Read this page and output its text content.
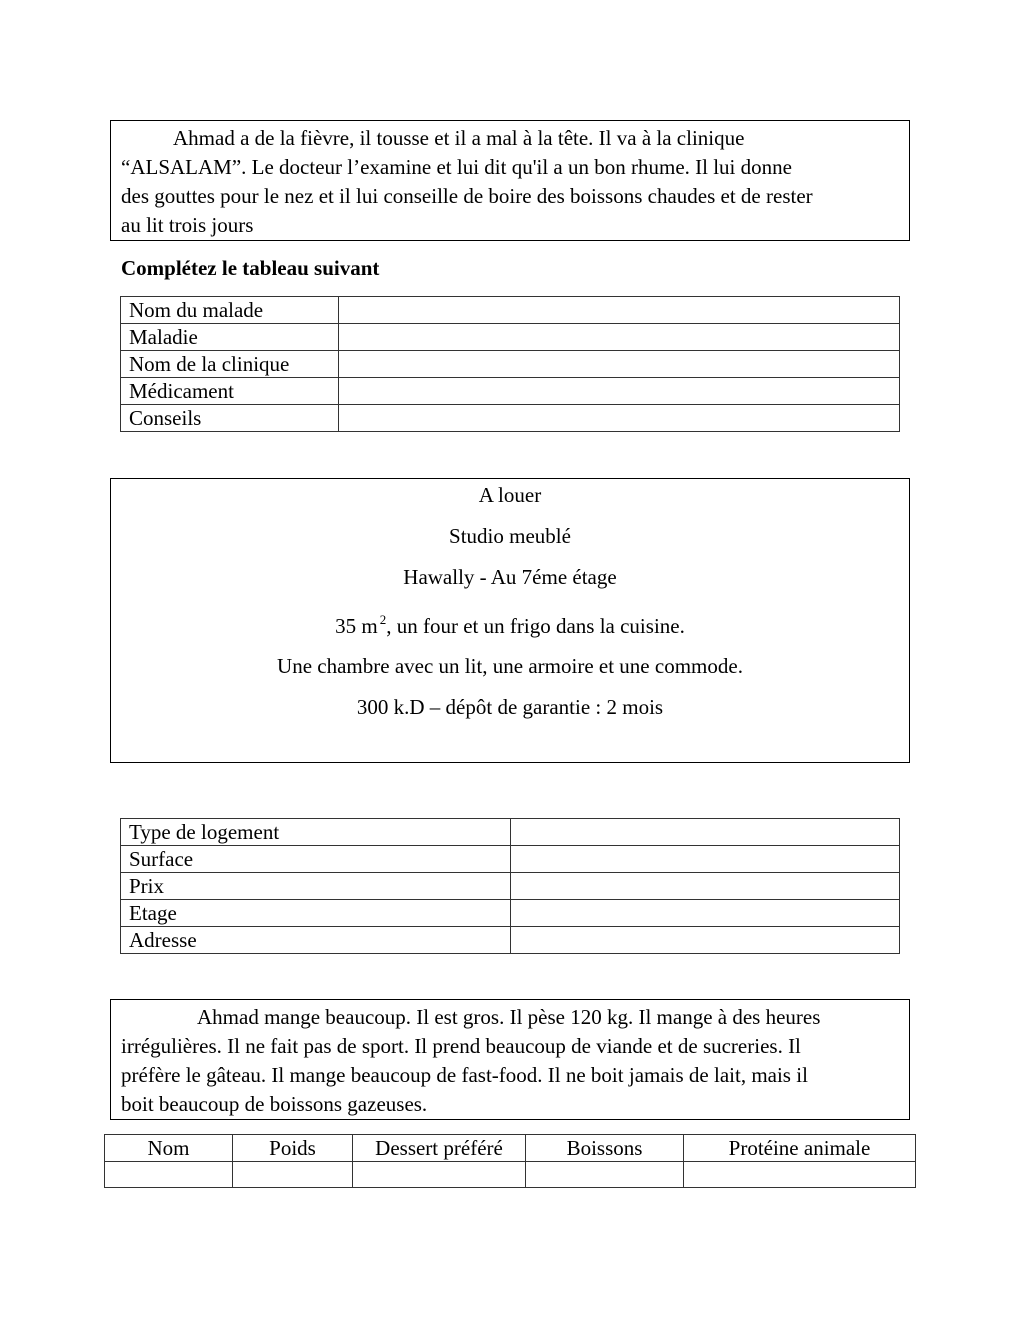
Ahmad a de la fièvre, il tousse et il a mal à la tête. Il va à la clinique

“ALSALAM”. Le docteur l’examine et lui dit qu'il a un bon rhume. Il lui donne

des gouttes pour le nez et il lui conseille de boire des boissons chaudes et de rester

au lit trois jours

Complétez le tableau suivant

Nom du malade	
Maladie	
Nom de la clinique	
Médicament	
Conseils	

A louer

Studio meublé

Hawally - Au 7éme étage

35 m $^2$, un four et un frigo dans la cuisine.

Une chambre avec un lit, une armoire et une commode.

300 k.D – dépôt de garantie : 2 mois

Type de logement	
Surface	
Prix	
Etage	
Adresse	

Ahmad mange beaucoup. Il est gros. Il pèse 120 kg. Il mange à des heures

irrégulières. Il ne fait pas de sport. Il prend beaucoup de viande et de sucreries. Il

préfère le gâteau. Il mange beaucoup de fast-food. Il ne boit jamais de lait, mais il

boit beaucoup de boissons gazeuses.

Nom	Poids	Dessert préféré	Boissons	Protéine animale
